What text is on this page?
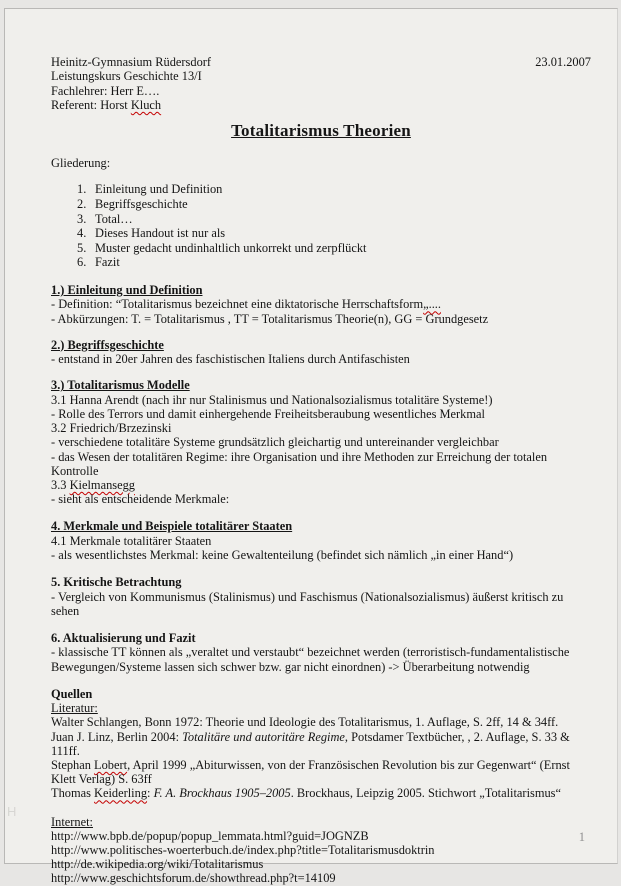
Heinitz-Gymnasium Rüdersdorf
Leistungskurs Geschichte 13/I
Fachlehrer: Herr E….
Referent: Horst Kluch
23.01.2007
Totalitarismus Theorien

Gliederung:

1. Einleitung und Definition
2. Begriffsgeschichte
3. Total…
4. Dieses Handout ist nur als
5. Muster gedacht undinhaltlich unkorrekt und zerpflückt
6. Fazit
1.) Einleitung und Definition

- Definition: “Totalitarismus bezeichnet eine diktatorische Herrschaftsform„....

- Abkürzungen: T. = Totalitarismus , TT = Totalitarismus Theorie(n), GG = Grundgesetz

2.) Begriffsgeschichte

- entstand in 20er Jahren des faschistischen Italiens durch Antifaschisten

3.) Totalitarismus Modelle

3.1 Hanna Arendt (nach ihr nur Stalinismus und Nationalsozialismus totalitäre Systeme!)

- Rolle des Terrors und damit einhergehende Freiheitsberaubung wesentliches Merkmal

3.2 Friedrich/Brzezinski

- verschiedene totalitäre Systeme grundsätzlich gleichartig und untereinander vergleichbar

- das Wesen der totalitären Regime: ihre Organisation und ihre Methoden zur Erreichung der totalen Kontrolle

3.3 Kielmansegg

- sieht als entscheidende Merkmale:

4. Merkmale und Beispiele totalitärer Staaten

4.1 Merkmale totalitärer Staaten

- als wesentlichstes Merkmal: keine Gewaltenteilung (befindet sich nämlich „in einer Hand“)

5. Kritische Betrachtung

- Vergleich von Kommunismus (Stalinismus) und Faschismus (Nationalsozialismus) äußerst kritisch zu sehen

6. Aktualisierung und Fazit

- klassische TT können als „veraltet und verstaubt“ bezeichnet werden (terroristisch-fundamentalistische Bewegungen/Systeme lassen sich schwer bzw. gar nicht einordnen) -> Überarbeitung notwendig

Quellen

Literatur:

Walter Schlangen, Bonn 1972: Theorie und Ideologie des Totalitarismus, 1. Auflage, S. 2ff, 14 & 34ff.

Juan J. Linz, Berlin 2004: Totalitäre und autoritäre Regime, Potsdamer Textbücher, , 2. Auflage, S. 33 & 111ff.

Stephan Lobert, April 1999 „Abiturwissen, von der Französischen Revolution bis zur Gegenwart“ (Ernst Klett Verlag) S. 63ff

Thomas Keiderling: F. A. Brockhaus 1905–2005. Brockhaus, Leipzig 2005. Stichwort „Totalitarismus“

Internet:

http://www.bpb.de/popup/popup_lemmata.html?guid=JOGNZB

http://www.politisches-woerterbuch.de/index.php?title=Totalitarismusdoktrin

http://de.wikipedia.org/wiki/Totalitarismus

http://www.geschichtsforum.de/showthread.php?t=14109

H
1
